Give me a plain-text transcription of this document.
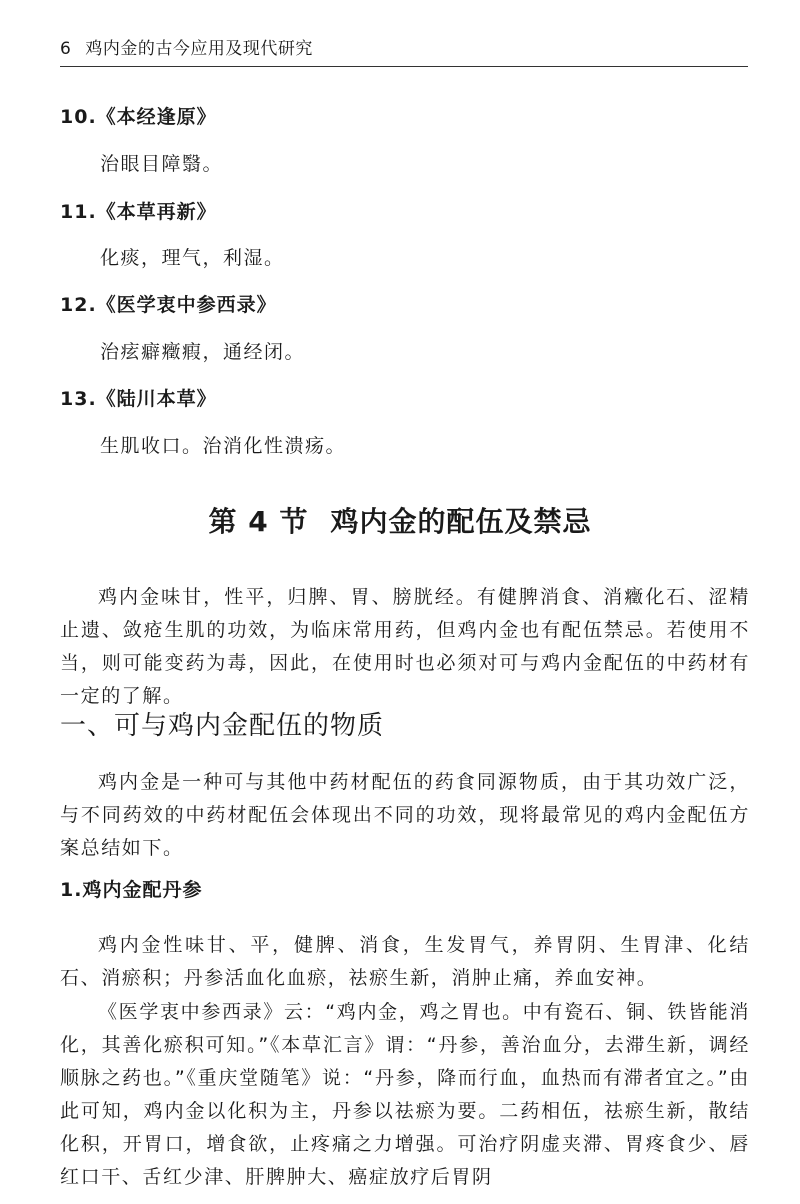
6 鸡内金的古今应用及现代研究
10.《本经逢原》
治眼目障翳。
11.《本草再新》
化痰，理气，利湿。
12.《医学衷中参西录》
治痃癖癥瘕，通经闭。
13.《陆川本草》
生肌收口。治消化性溃疡。
第 4 节 鸡内金的配伍及禁忌
鸡内金味甘，性平，归脾、胃、膀胱经。有健脾消食、消癥化石、涩精止遗、敛疮生肌的功效，为临床常用药，但鸡内金也有配伍禁忌。若使用不当，则可能变药为毒，因此，在使用时也必须对可与鸡内金配伍的中药材有一定的了解。
一、可与鸡内金配伍的物质
鸡内金是一种可与其他中药材配伍的药食同源物质，由于其功效广泛，与不同药效的中药材配伍会体现出不同的功效，现将最常见的鸡内金配伍方案总结如下。
1.鸡内金配丹参
鸡内金性味甘、平，健脾、消食，生发胃气，养胃阴、生胃津、化结石、消瘀积；丹参活血化血瘀，祛瘀生新，消肿止痛，养血安神。
《医学衷中参西录》云：“鸡内金，鸡之胃也。中有瓷石、铜、铁皆能消化，其善化瘀积可知。”《本草汇言》谓：“丹参，善治血分，去滞生新，调经顺脉之药也。”《重庆堂随笔》说：“丹参，降而行血，血热而有滞者宜之。”由此可知，鸡内金以化积为主，丹参以祛瘀为要。二药相伍，祛瘀生新，散结化积，开胃口，增食欲，止疼痛之力增强。可治疗阴虚夹滞、胃疼食少、唇红口干、舌红少津、肝脾肿大、癌症放疗后胃阴
